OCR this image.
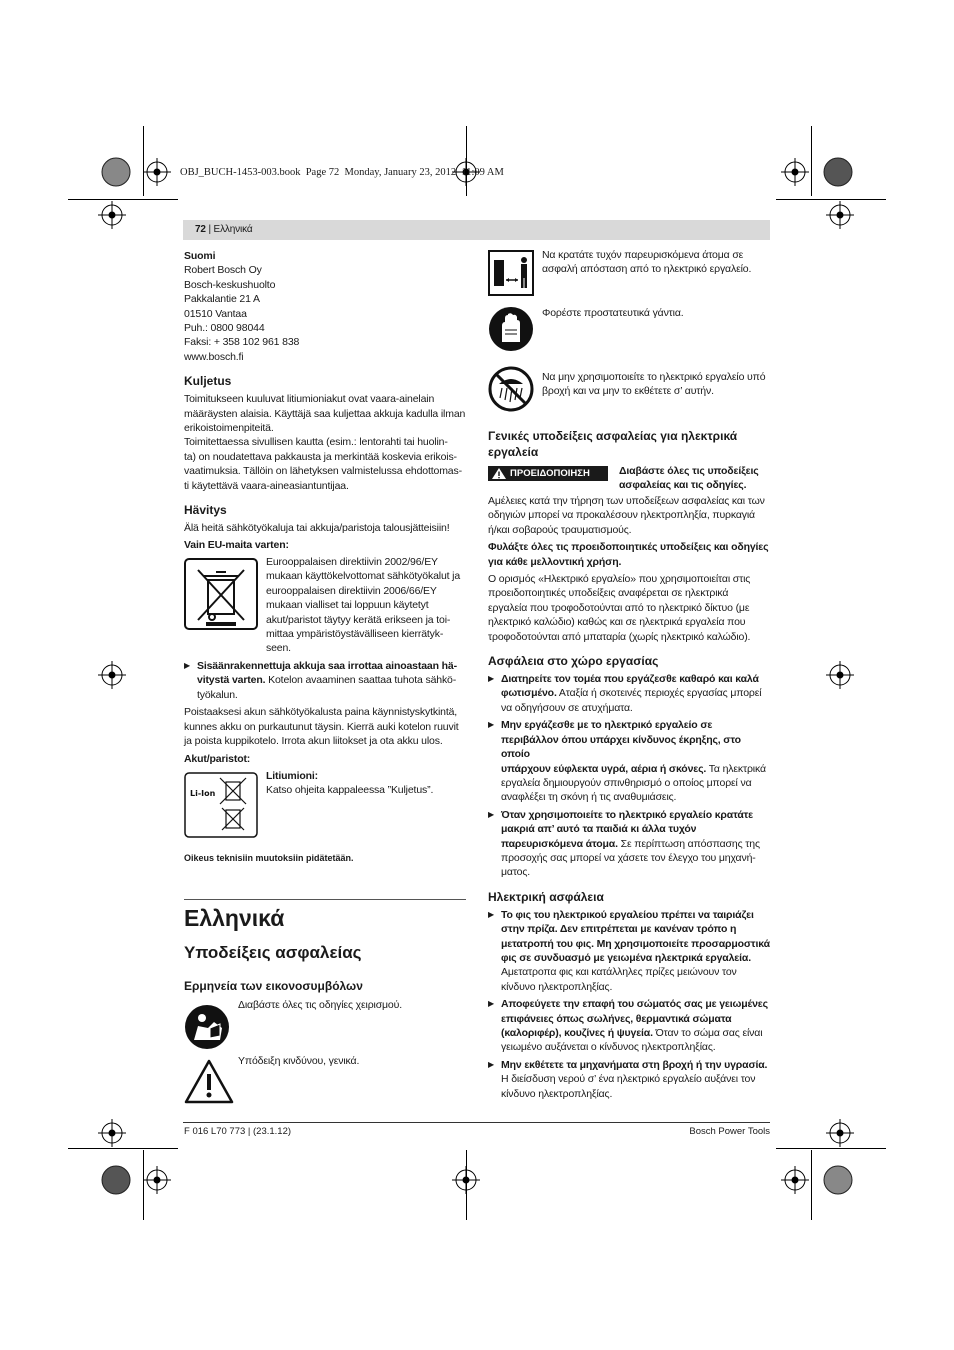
OBJ_BUCH-1453-003.book  Page 72  Monday, January 23, 2012  11:09 AM
72 | Ελληνικά
Suomi
Robert Bosch Oy
Bosch-keskushuolto
Pakkalantie 21 A
01510 Vantaa
Puh.: 0800 98044
Faksi: + 358 102 961 838
www.bosch.fi
Kuljetus
Toimitukseen kuuluvat litiumioniakut ovat vaara-ainelain
määräysten alaisia. Käyttäjä saa kuljettaa akkuja kadulla ilman
erikoistoimenpiteitä.
Toimitettaessa sivullisen kautta (esim.: lentorahti tai huolin-
ta) on noudatettava pakkausta ja merkintää koskevia erikois-
vaatimuksia. Tällöin on lähetyksen valmistelussa ehdottomas-
ti käytettävä vaara-aineasiantuntijaa.
Hävitys
Älä heitä sähkötyökaluja tai akkuja/paristoja talousjätteisiin!
Vain EU-maita varten:
Eurooppalaisen direktiivin 2002/96/EY
mukaan käyttökelvottomat sähkötyökalut ja
eurooppalaisen direktiivin 2006/66/EY
mukaan vialliset tai loppuun käytetyt
akut/paristot täytyy kerätä erikseen ja toi-
mittaa ympäristöystävälliseen kierrätyk-
seen.
▶ Sisäänrakennettuja akkuja saa irrottaa ainoastaan hä-
vitystä varten. Kotelon avaaminen saattaa tuhota sähkö-
työkalun.
Poistaaksesi akun sähkötyökalusta paina käynnistyskytkintä,
kunnes akku on purkautunut täysin. Kierrä auki kotelon ruuvit
ja poista kuppikotelo. Irrota akun liitokset ja ota akku ulos.
Akut/paristot:
Li-Ion
Litiumioni:
Katso ohjeita kappaleessa ”Kuljetus”.
Oikeus teknisiin muutoksiin pidätetään.
Ελληνικά
Υποδείξεις ασφαλείας
Ερμηνεία των εικονοσυμβόλων
Διαβάστε όλες τις οδηγίες χειρισμού.
Υπόδειξη κινδύνου, γενικά.
Να κρατάτε τυχόν παρευρισκόμενα άτομα σε
ασφαλή απόσταση από το ηλεκτρικό εργαλείο.
Φορέστε προστατευτικά γάντια.
Να μην χρησιμοποιείτε το ηλεκτρικό εργαλείο υπό
βροχή και να μην το εκθέτετε σ’ αυτήν.
Γενικές υποδείξεις ασφαλείας για ηλεκτρικά
εργαλεία
ΠΡΟΕΙΔΟΠΟΙΗΣΗ	Διαβάστε όλες τις υποδείξεις
ασφαλείας και τις οδηγίες.
Αμέλειες κατά την τήρηση των υποδείξεων ασφαλείας και των
οδηγιών μπορεί να προκαλέσουν ηλεκτροπληξία, πυρκαγιά
ή/και σοβαρούς τραυματισμούς.
Φυλάξτε όλες τις προειδοποιητικές υποδείξεις και οδηγίες
για κάθε μελλοντική χρήση.
Ο ορισμός «Ηλεκτρικό εργαλείο» που χρησιμοποιείται στις
προειδοποιητικές υποδείξεις αναφέρεται σε ηλεκτρικά
εργαλεία που τροφοδοτούνται από το ηλεκτρικό δίκτυο (με
ηλεκτρικό καλώδιο) καθώς και σε ηλεκτρικά εργαλεία που
τροφοδοτούνται από μπαταρία (χωρίς ηλεκτρικό καλώδιο).
Ασφάλεια στο χώρο εργασίας
▶ Διατηρείτε τον τομέα που εργάζεσθε καθαρό και καλά
φωτισμένο. Αταξία ή σκοτεινές περιοχές εργασίας μπορεί
να οδηγήσουν σε ατυχήματα.
▶ Μην εργάζεσθε με το ηλεκτρικό εργαλείο σε
περιβάλλον όπου υπάρχει κίνδυνος έκρηξης, στο οποίο
υπάρχουν εύφλεκτα υγρά, αέρια ή σκόνες. Τα ηλεκτρικά
εργαλεία δημιουργούν σπινθηρισμό ο οποίος μπορεί να
αναφλέξει τη σκόνη ή τις αναθυμιάσεις.
▶ Όταν χρησιμοποιείτε το ηλεκτρικό εργαλείο κρατάτε
μακριά απ’ αυτό τα παιδιά κι άλλα τυχόν
παρευρισκόμενα άτομα. Σε περίπτωση απόσπασης της
προσοχής σας μπορεί να χάσετε τον έλεγχο του μηχανή-
ματος.
Ηλεκτρική ασφάλεια
▶ Το φις του ηλεκτρικού εργαλείου πρέπει να ταιριάζει
στην πρίζα. Δεν επιτρέπεται με κανέναν τρόπο η
μετατροπή του φις. Μη χρησιμοποιείτε προσαρμοστικά
φις σε συνδυασμό με γειωμένα ηλεκτρικά εργαλεία.
Αμετατροπα φις και κατάλληλες πρίζες μειώνουν τον
κίνδυνο ηλεκτροπληξίας.
▶ Αποφεύγετε την επαφή του σώματός σας με γειωμένες
επιφάνειες όπως σωλήνες, θερμαντικά σώματα
(καλοριφέρ), κουζίνες ή ψυγεία. Όταν το σώμα σας είναι
γειωμένο αυξάνεται ο κίνδυνος ηλεκτροπληξίας.
▶ Μην εκθέτετε τα μηχανήματα στη βροχή ή την υγρασία.
Η διείσδυση νερού σ’ ένα ηλεκτρικό εργαλείο αυξάνει τον
κίνδυνο ηλεκτροπληξίας.
F 016 L70 773 | (23.1.12)	Bosch Power Tools
